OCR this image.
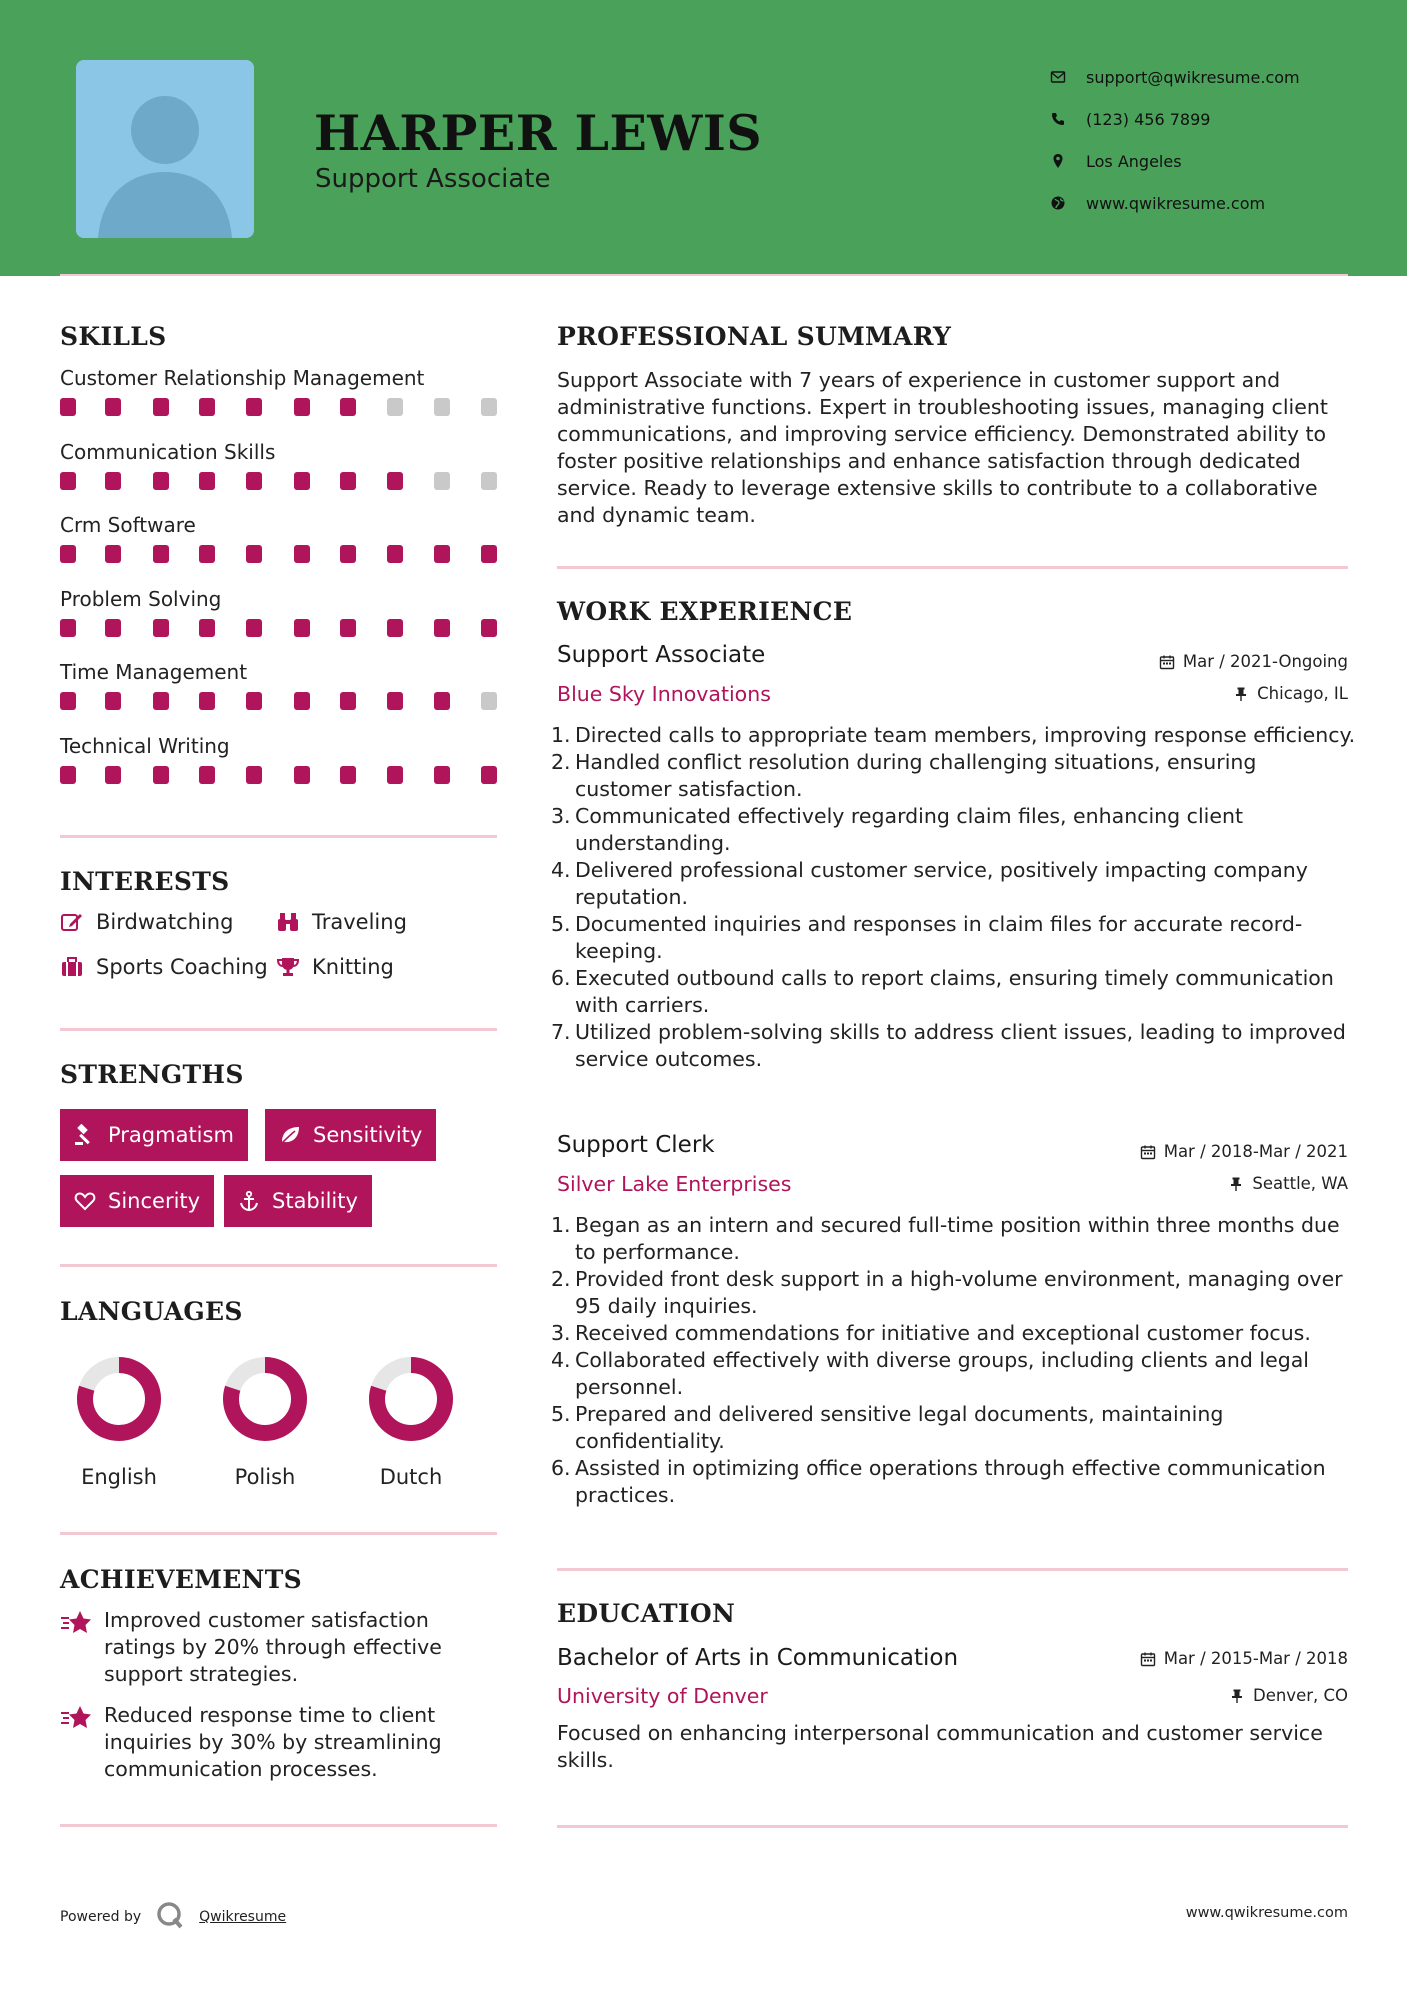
HARPER LEWIS
Support Associate
support@qwikresume.com
(123) 456 7899
Los Angeles
www.qwikresume.com
SKILLS
Customer Relationship Management
Communication Skills
Crm Software
Problem Solving
Time Management
Technical Writing
INTERESTS
Birdwatching	Traveling
Sports Coaching Knitting
STRENGTHS
Pragmatism	Sensitivity
Sincerity	Stability
LANGUAGES
English	Polish	Dutch
ACHIEVEMENTS
Improved customer satisfaction ratings by 20% through effective support strategies.
Reduced response time to client inquiries by 30% by streamlining communication processes.
PROFESSIONAL SUMMARY
Support Associate with 7 years of experience in customer support and administrative functions. Expert in troubleshooting issues, managing client communications, and improving service efficiency. Demonstrated ability to foster positive relationships and enhance satisfaction through dedicated service. Ready to leverage extensive skills to contribute to a collaborative and dynamic team.
WORK EXPERIENCE
Support Associate	Mar / 2021-Ongoing
Blue Sky Innovations	Chicago, IL
1. Directed calls to appropriate team members, improving response efficiency.
2. Handled conflict resolution during challenging situations, ensuring customer satisfaction.
3. Communicated effectively regarding claim files, enhancing client understanding.
4. Delivered professional customer service, positively impacting company reputation.
5. Documented inquiries and responses in claim files for accurate record-keeping.
6. Executed outbound calls to report claims, ensuring timely communication with carriers.
7. Utilized problem-solving skills to address client issues, leading to improved service outcomes.
Support Clerk	Mar / 2018-Mar / 2021
Silver Lake Enterprises	Seattle, WA
1. Began as an intern and secured full-time position within three months due to performance.
2. Provided front desk support in a high-volume environment, managing over 95 daily inquiries.
3. Received commendations for initiative and exceptional customer focus.
4. Collaborated effectively with diverse groups, including clients and legal personnel.
5. Prepared and delivered sensitive legal documents, maintaining confidentiality.
6. Assisted in optimizing office operations through effective communication practices.
EDUCATION
Bachelor of Arts in Communication	Mar / 2015-Mar / 2018
University of Denver	Denver, CO
Focused on enhancing interpersonal communication and customer service skills.
Powered by	Qwikresume	www.qwikresume.com
